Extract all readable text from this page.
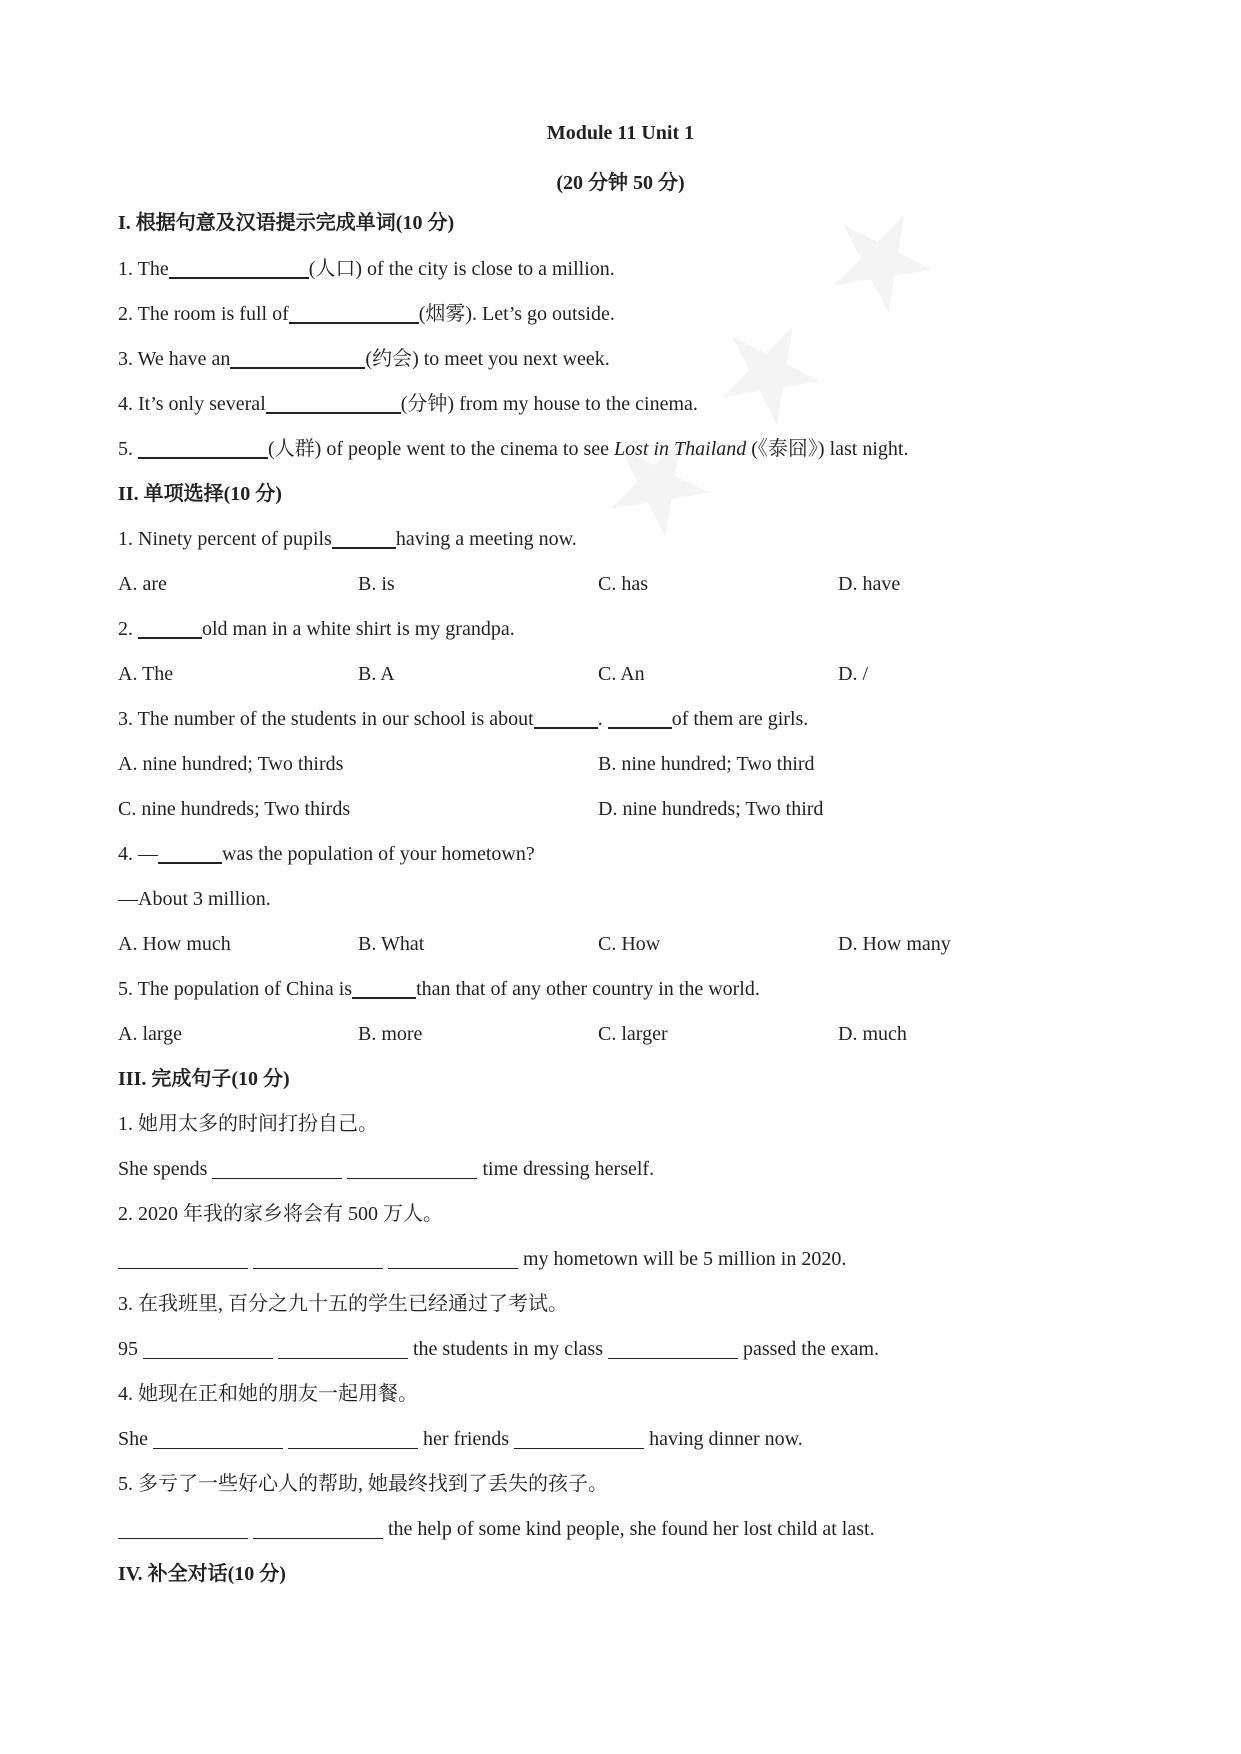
Module 11 Unit 1
(20 分钟 50 分)
I. 根据句意及汉语提示完成单词(10 分)
1. The	(人口) of the city is close to a million.
2. The room is full of	(烟雾). Let’s go outside.
3. We have an	(约会) to meet you next week.
4. It’s only several	(分钟) from my house to the cinema.
5.	(人群) of people went to the cinema to see Lost in Thailand (《泰囧》) last night.
II. 单项选择(10 分)
1. Ninety percent of pupils	having a meeting now.
A. are	B. is	C. has	D. have
2.	old man in a white shirt is my grandpa.
A. The	B. A	C. An	D. /
3. The number of the students in our school is about	.	of them are girls.
A. nine hundred; Two thirds	B. nine hundred; Two third
C. nine hundreds; Two thirds	D. nine hundreds; Two third
4. —	was the population of your hometown?
—About 3 million.
A. How much	B. What	C. How	D. How many
5. The population of China is	than that of any other country in the world.
A. large	B. more	C. larger	D. much
III. 完成句子(10 分)
1. 她用太多的时间打扮自己。
She spends	time dressing herself.
2. 2020 年我的家乡将会有 500 万人。
my hometown will be 5 million in 2020.
3. 在我班里, 百分之九十五的学生已经通过了考试。
95	the students in my class	passed the exam.
4. 她现在正和她的朋友一起用餐。
She	her friends	having dinner now.
5. 多亏了一些好心人的帮助, 她最终找到了丢失的孩子。
the help of some kind people, she found her lost child at last.
IV. 补全对话(10 分)
